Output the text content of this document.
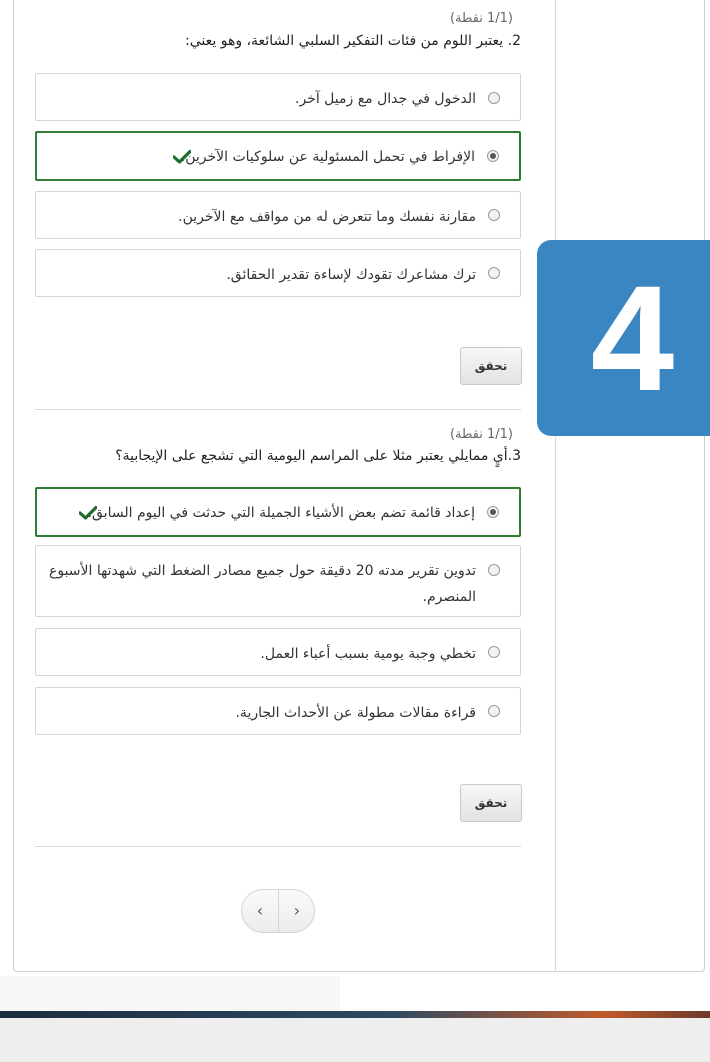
(1/1 نقطة)
2. يعتبر اللوم من فئات التفكير السلبي الشائعة، وهو يعني:
الدخول في جدال مع زميل آخر.
الإفراط في تحمل المسئولية عن سلوكيات الآخرين.
مقارنة نفسك وما تتعرض له من مواقف مع الآخرين.
ترك مشاعرك تقودك لإساءة تقدير الحقائق.
تحقق
(1/1 نقطة)
3.أيٍ ممايلي يعتبر مثلا على المراسم اليومية التي تشجع على الإيجابية؟
إعداد قائمة تضم بعض الأشياء الجميلة التي حدثت في اليوم السابق.
تدوين تقرير مدته 20 دقيقة حول جميع مصادر الضغط التي شهدتها الأسبوع المنصرم.
تخطي وجبة يومية بسبب أعباء العمل.
قراءة مقالات مطولة عن الأحداث الجارية.
تحقق
‹	›
4
